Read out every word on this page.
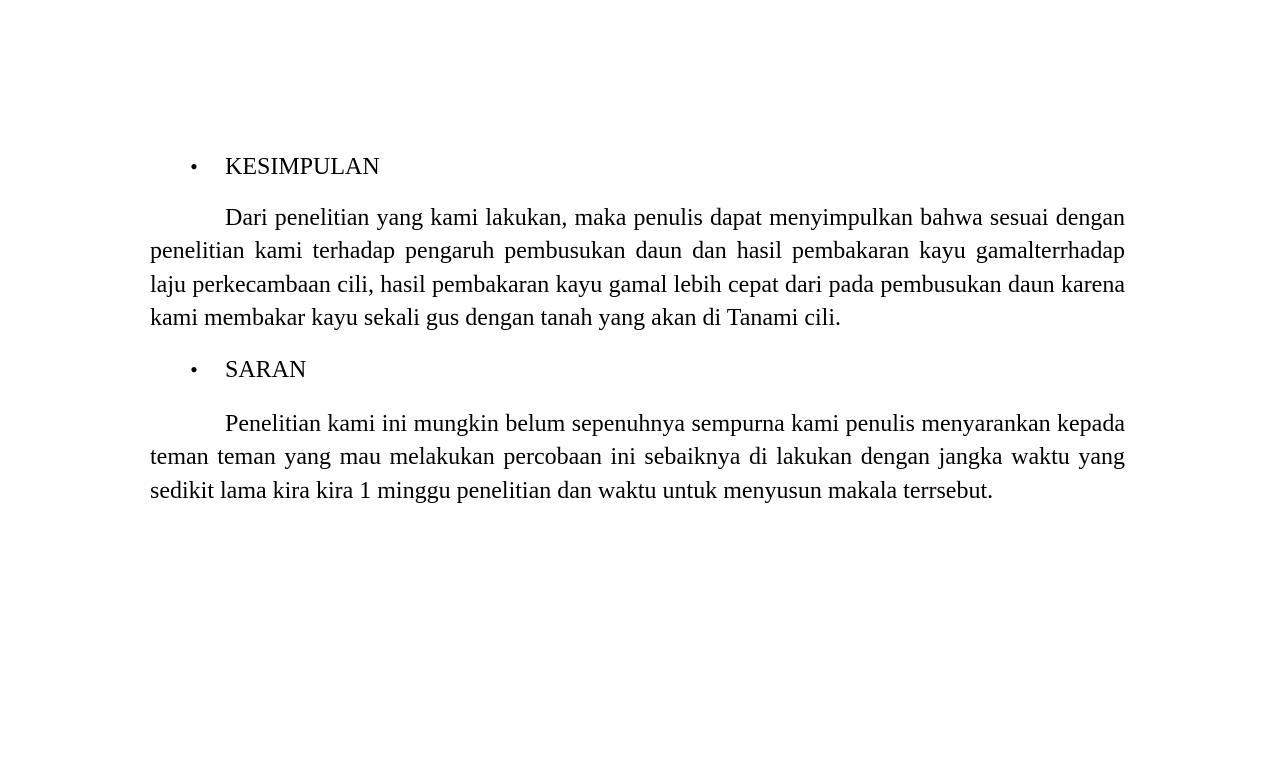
• KESIMPULAN

Dari penelitian yang kami lakukan, maka penulis dapat menyimpulkan bahwa sesuai dengan penelitian kami terhadap pengaruh pembusukan daun dan hasil pembakaran kayu gamalterrhadap laju perkecambaan cili, hasil pembakaran kayu gamal lebih cepat dari pada pembusukan daun karena kami membakar kayu sekali gus dengan tanah yang akan di Tanami cili.

• SARAN

Penelitian kami ini mungkin belum sepenuhnya sempurna kami penulis menyarankan kepada teman teman yang mau melakukan percobaan ini sebaiknya di lakukan dengan jangka waktu yang sedikit lama kira kira 1 minggu penelitian dan waktu untuk menyusun makala terrsebut.
